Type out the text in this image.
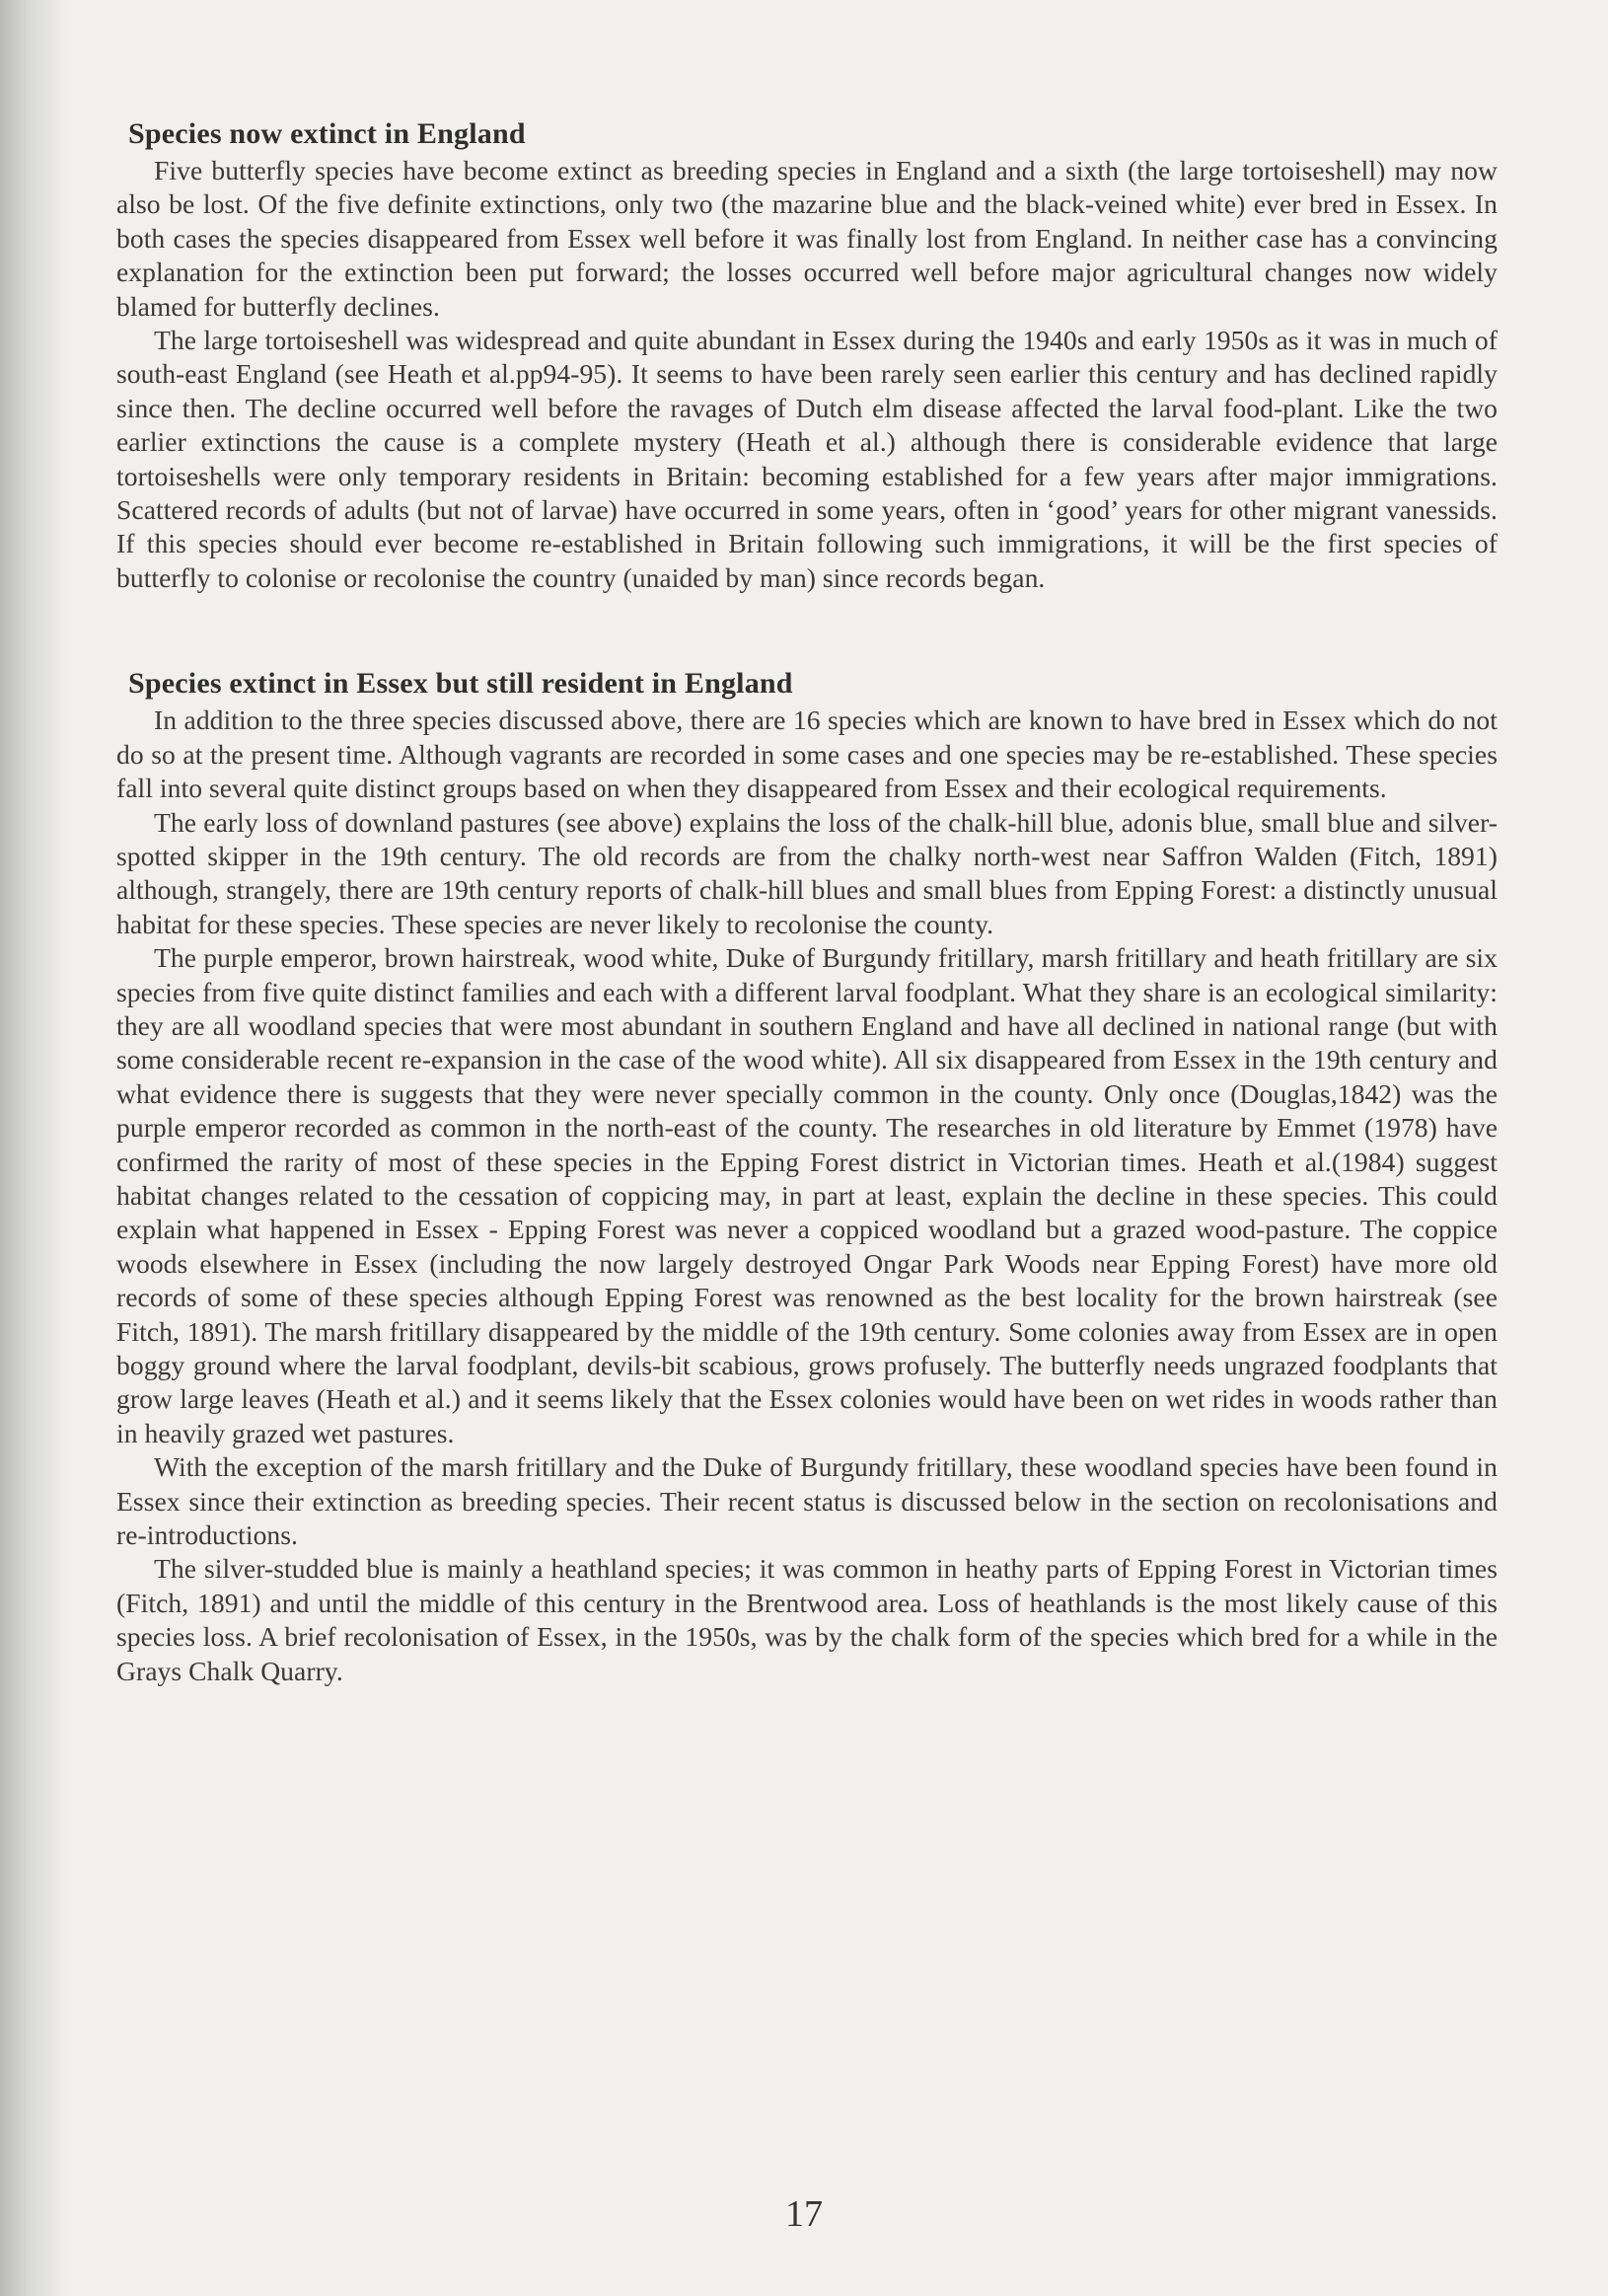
Species now extinct in England

Five butterfly species have become extinct as breeding species in England and a sixth (the large tortoiseshell) may now also be lost. Of the five definite extinctions, only two (the mazarine blue and the black-veined white) ever bred in Essex. In both cases the species disappeared from Essex well before it was finally lost from England. In neither case has a convincing explanation for the extinction been put forward; the losses occurred well before major agricultural changes now widely blamed for butterfly declines.

The large tortoiseshell was widespread and quite abundant in Essex during the 1940s and early 1950s as it was in much of south-east England (see Heath et al.pp94-95). It seems to have been rarely seen earlier this century and has declined rapidly since then. The decline occurred well before the ravages of Dutch elm disease affected the larval food-plant. Like the two earlier extinctions the cause is a complete mystery (Heath et al.) although there is considerable evidence that large tortoiseshells were only temporary residents in Britain: becoming established for a few years after major immigrations. Scattered records of adults (but not of larvae) have occurred in some years, often in ‘good’ years for other migrant vanessids. If this species should ever become re-established in Britain following such immigrations, it will be the first species of butterfly to colonise or recolonise the country (unaided by man) since records began.

Species extinct in Essex but still resident in England

In addition to the three species discussed above, there are 16 species which are known to have bred in Essex which do not do so at the present time. Although vagrants are recorded in some cases and one species may be re-established. These species fall into several quite distinct groups based on when they disappeared from Essex and their ecological requirements.

The early loss of downland pastures (see above) explains the loss of the chalk-hill blue, adonis blue, small blue and silver-spotted skipper in the 19th century. The old records are from the chalky north-west near Saffron Walden (Fitch, 1891) although, strangely, there are 19th century reports of chalk-hill blues and small blues from Epping Forest: a distinctly unusual habitat for these species. These species are never likely to recolonise the county.

The purple emperor, brown hairstreak, wood white, Duke of Burgundy fritillary, marsh fritillary and heath fritillary are six species from five quite distinct families and each with a different larval foodplant. What they share is an ecological similarity: they are all woodland species that were most abundant in southern England and have all declined in national range (but with some considerable recent re-expansion in the case of the wood white). All six disappeared from Essex in the 19th century and what evidence there is suggests that they were never specially common in the county. Only once (Douglas,1842) was the purple emperor recorded as common in the north-east of the county. The researches in old literature by Emmet (1978) have confirmed the rarity of most of these species in the Epping Forest district in Victorian times. Heath et al.(1984) suggest habitat changes related to the cessation of coppicing may, in part at least, explain the decline in these species. This could explain what happened in Essex - Epping Forest was never a coppiced woodland but a grazed wood-pasture. The coppice woods elsewhere in Essex (including the now largely destroyed Ongar Park Woods near Epping Forest) have more old records of some of these species although Epping Forest was renowned as the best locality for the brown hairstreak (see Fitch, 1891). The marsh fritillary disappeared by the middle of the 19th century. Some colonies away from Essex are in open boggy ground where the larval foodplant, devils-bit scabious, grows profusely. The butterfly needs ungrazed foodplants that grow large leaves (Heath et al.) and it seems likely that the Essex colonies would have been on wet rides in woods rather than in heavily grazed wet pastures.

With the exception of the marsh fritillary and the Duke of Burgundy fritillary, these woodland species have been found in Essex since their extinction as breeding species. Their recent status is discussed below in the section on recolonisations and re-introductions.

The silver-studded blue is mainly a heathland species; it was common in heathy parts of Epping Forest in Victorian times (Fitch, 1891) and until the middle of this century in the Brentwood area. Loss of heathlands is the most likely cause of this species loss. A brief recolonisation of Essex, in the 1950s, was by the chalk form of the species which bred for a while in the Grays Chalk Quarry.

17
